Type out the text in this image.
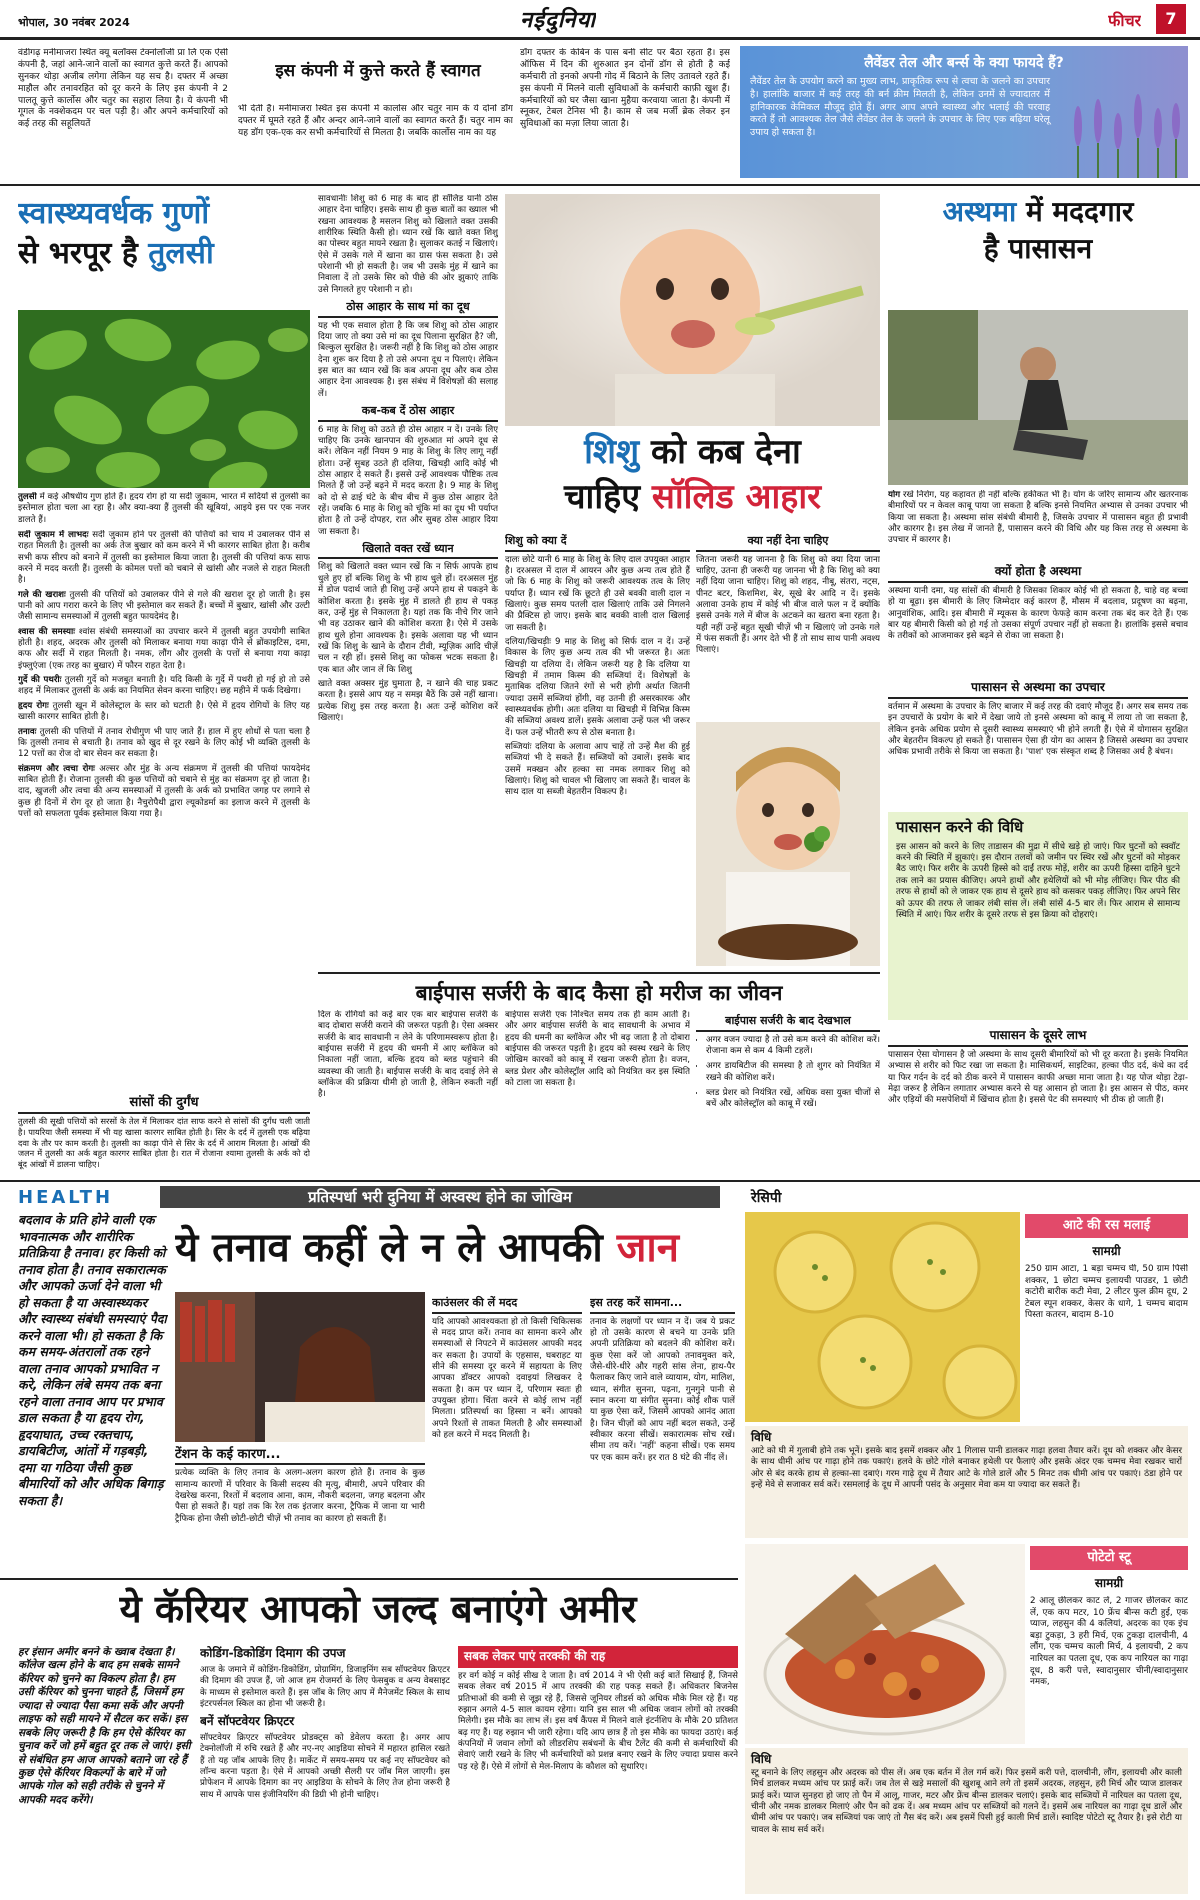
भोपाल, 30 नवंबर 2024	नईदुनिया	फीचर	7
वंडीगढ़ मनीमाजरा स्थित क्यू बलॉक्स टेक्नोलॉजी प्रा लि एक ऐसी कंपनी है, जहां आने-जाने वालों का स्वागत कुत्ते करते हैं। आपको सुनकर थोड़ा अजीब लगेगा लेकिन यह सच है। दफ्तर में अच्छा माहौल और तनावरहित को दूर करने के लिए इस कंपनी ने 2 पालतू कुत्ते कार्लोस और चतुर का सहारा लिया है। ये कंपनी भी गूगल के नक्शेकदम पर चल पड़ी है। और अपने कर्मचारियों को कई तरह की सहूलियतें
इस कंपनी में कुत्ते करते हैं स्वागत
भी देती है। मनीमाजरा स्थित इस कंपनी में कार्लोस और चतुर नाम के ये दोनों डॉग दफ्तर में घूमते रहते हैं और अन्दर आने-जाने वालों का स्वागत करते हैं। चतुर नाम का यह डॉग एक-एक कर सभी कर्मचारियों से मिलता है। जबकि कार्लोस नाम का यह
डॉग दफ्तर के केबिन के पास बनी सीट पर बैठा रहता है। इस ऑफिस में दिन की शुरुआत इन दोनों डॉग से होती है कई कर्मचारी तो इनको अपनी गोद में बिठाने के लिए उतावले रहते हैं। इस कंपनी में मिलने वाली सुविधाओं के कर्मचारी काफ़ी खुश हैं। कर्मचारियों को घर जैसा खाना मुहैया करवाया जाता है। कंपनी में स्नूकर, टेबल टेनिस भी है। काम से जब मर्जी ब्रेक लेकर इन सुविधाओं का मज़ा लिया जाता है।
लैवेंडर तेल और बर्न्स के क्या फायदे हैं?
लैवेंडर तेल के उपयोग करने का मुख्य लाभ, प्राकृतिक रूप से त्वचा के जलने का उपचार है। हालांकि बाजार में कई तरह की बर्न क्रीम मिलती है, लेकिन उनमें से ज्यादातर में हानिकारक केमिकल मौजूद होते हैं। अगर आप अपने स्वास्थ्य और भलाई की परवाह करते हैं तो आवश्यक तेल जैसे लैवेंडर तेल के जलने के उपचार के लिए एक बढ़िया घरेलू उपाय हो सकता है।
स्वास्थ्यवर्धक गुणों
से भरपूर है तुलसी
तुलसी में कई औषधीय गुण होते हैं। हृदय रोग हो या सर्दी जुकाम, भारत में सदियों से तुलसी का इस्तेमाल होता चला आ रहा है। और क्या-क्या हैं तुलसी की खूबियां, आइये इस पर एक नजर डालते हैं।

सर्दी जुकाम में लाभदः सर्दी जुकाम होने पर तुलसी की पत्तियों को चाय में उबालकर पीने से राहत मिलती है। तुलसी का अर्क तेज बुखार को कम करने में भी कारगर साबित होता है। करीब सभी कफ सीरप को बनाने में तुलसी का इस्तेमाल किया जाता है। तुलसी की पत्तियां कफ साफ करने में मदद करती हैं। तुलसी के कोमल पत्तों को चबाने से खांसी और नजले से राहत मिलती है।

गले की खराशः तुलसी की पत्तियों को उबालकर पीने से गले की खराश दूर हो जाती है। इस पानी को आप गरारा करने के लिए भी इस्तेमाल कर सकते हैं। बच्चों में बुखार, खांसी और उल्टी जैसी सामान्य समस्याओं में तुलसी बहुत फायदेमंद है।

श्वास की समस्याः श्वांस संबंधी समस्याओं का उपचार करने में तुलसी बहुत उपयोगी साबित होती है। शहद, अदरक और तुलसी को मिलाकर बनाया गया काढ़ा पीने से ब्रोंकाइटिस, दमा, कफ और सर्दी में राहत मिलती है। नमक, लौंग और तुलसी के पत्तों से बनाया गया काढ़ा इंफ्लुएंजा (एक तरह का बुखार) में फौरन राहत देता है।

गुर्दे की पथरीः तुलसी गुर्दे को मजबूत बनाती है। यदि किसी के गुर्दे में पथरी हो गई हो तो उसे शहद में मिलाकर तुलसी के अर्क का नियमित सेवन करना चाहिए। छह महीने में फर्क दिखेगा।

हृदय रोगः तुलसी खून में कोलेस्ट्राल के स्तर को घटाती है। ऐसे में हृदय रोगियों के लिए यह खासी कारगर साबित होती है।

तनावः तुलसी की पत्तियों में तनाव रोधीगुण भी पाए जाते हैं। हाल में हुए शोधों से पता चला है कि तुलसी तनाव से बचाती है। तनाव को खुद से दूर रखने के लिए कोई भी व्यक्ति तुलसी के 12 पत्तों का रोज दो बार सेवन कर सकता है।

संक्रमण और त्वचा रोगः अल्सर और मुंह के अन्य संक्रमण में तुलसी की पत्तियां फायदेमंद साबित होती हैं। रोजाना तुलसी की कुछ पत्तियों को चबाने से मुंह का संक्रमण दूर हो जाता है। दाद, खुजली और त्वचा की अन्य समस्याओं में तुलसी के अर्क को प्रभावित जगह पर लगाने से कुछ ही दिनों में रोग दूर हो जाता है। नैचुरोपैथी द्वारा ल्यूकोडर्मा का इलाज करने में तुलसी के पत्तों को सफलता पूर्वक इस्तेमाल किया गया है।

सांसों की दुर्गंध
तुलसी की सूखी पत्तियों को सरसों के तेल में मिलाकर दांत साफ करने से सांसों की दुर्गंध चली जाती है। पायरिया जैसी समस्या में भी यह खासा कारगर साबित होती है। सिर के दर्द में तुलसी एक बढ़िया दवा के तौर पर काम करती है। तुलसी का काढ़ा पीने से सिर के दर्द में आराम मिलता है। आंखों की जलन में तुलसी का अर्क बहुत कारगर साबित होता है। रात में रोजाना श्यामा तुलसी के अर्क को दो बूंद आंखों में डालना चाहिए।

सावधानीः शिशु को 6 माह के बाद ही सॉलिड यानी ठोस आहार देना चाहिए। इसके साथ ही कुछ बातों का ख्याल भी रखना आवश्यक है मसलन शिशु को खिलाते वक्त उसकी शारीरिक स्थिति कैसी हो। ध्यान रखें कि खाते वक्त शिशु का पोस्चर बहुत मायने रखता है। सुलाकर कतई न खिलाएं। ऐसे में उसके गले में खाना का ग्रास फंस सकता है। उसे परेशानी भी हो सकती है। जब भी उसके मुंह में खाने का निवाला दें तो उसके सिर को पीछे की ओर झुकाएं ताकि उसे निगलते हुए परेशानी न हो।

ठोस आहार के साथ मां का दूध

यह भी एक सवाल होता है कि जब शिशु को ठोस आहार दिया जाए तो क्या उसे मां का दूध पिलाना सुरक्षित है? जी, बिल्कुल सुरक्षित है। जरूरी नहीं है कि शिशु को ठोस आहार देना शुरू कर दिया है तो उसे अपना दूध न पिलाएं। लेकिन इस बात का ध्यान रखें कि कब अपना दूध और कब ठोस आहार देना आवश्यक है। इस संबंध में विशेषज्ञों की सलाह लें।

कब-कब दें ठोस आहार

6 माह के शिशु को उठते ही ठोस आहार न दें। उनके लिए चाहिए कि उनके खानपान की शुरुआत मां अपने दूध से करें। लेकिन नहीं नियम 9 माह के शिशु के लिए लागू नहीं होता। उन्हें सुबह उठते ही दलिया, खिचड़ी आदि कोई भी ठोस आहार दे सकते हैं। इससे उन्हें आवश्यक पौष्टिक तत्व मिलते हैं जो उन्हें बढ़ने में मदद करता है। 9 माह के शिशु को दो से ढाई घंटे के बीच बीच में कुछ ठोस आहार देते रहें। जबकि 6 माह के शिशु को चूंकि मां का दूध भी पर्याप्त होता है तो उन्हें दोपहर, रात और सुबह ठोस आहार दिया जा सकता है।

खिलाते वक्त रखें ध्यान

शिशु को खिलाते वक्त ध्यान रखें कि न सिर्फ आपके हाथ धुले हुए हों बल्कि शिशु के भी हाथ धुले हों। दरअसल मुंह में डोज पदार्थ जाते ही शिशु उन्हें अपने हाथ से पकड़ने के कोशिश करता है। इसके मुंह में डालते ही हाथ से पकड़ कर, उन्हें मुंह से निकालता है। यहां तक कि नीचे गिर जाने भी वह उठाकर खाने की कोशिश करता है। ऐसे में उसके हाथ धुले होना आवश्यक है। इसके अलावा यह भी ध्यान रखें कि शिशु के खाने के दौरान टीवी, म्यूज़िक आदि चीज़ें चल न रही हों। इससे शिशु का फोकस भटक सकता है। एक बात और जान लें कि शिशु

खाते वक्त अक्सर मुंह घुमाता है, न खाने की चाह प्रकट करता है। इससे आप यह न समझ बैठें कि उसे नहीं खाना। प्रत्येक शिशु इस तरह करता है। अतः उन्हें कोशिश करें खिलाएं।

शिशु को कब देना
चाहिए सॉलिड आहार
शिशु को क्या दें

दालः छोटे यानी 6 माह के शिशु के लिए दाल उपयुक्त आहार है। दरअसल में दाल में आयरन और कुछ अन्य तत्व होते हैं जो कि 6 माह के शिशु को जरूरी आवश्यक तत्व के लिए पर्याप्त हैं। ध्यान रखें कि छूटते ही उसे बवकी वाली दाल न खिलाएं। कुछ समय पतली दाल खिलाएं ताकि उसे निगलने की प्रैक्टिस हो जाए। इसके बाद बवकी वाली दाल खिलाई जा सकती है।

दलिया/खिचड़ीः 9 माह के शिशु को सिर्फ दाल न दें। उन्हें विकास के लिए कुछ अन्य तत्व की भी जरूरत है। अतः खिचड़ी या दलिया दें। लेकिन जरूरी यह है कि दलिया या खिचड़ी में तमाम किस्म की सब्जियां दें। विशेषज्ञों के मुताबिक दलिया जितने रंगों से भरी होगी अर्थात जितनी ज्यादा उसमें सब्जियां होंगी, वह उतनी ही असरकारक और स्वास्थ्यवर्धक होगी। अतः दलिया या खिचड़ी में विभिन्न किस्म की सब्जियां अवश्य डालें। इसके अलावा उन्हें फल भी जरूर दें। फल उन्हें भीतरी रूप से ठोस बनाता है।

सब्जियांः दलिया के अलावा आप चाहें तो उन्हें मैश की हुई सब्जियां भी दे सकते हैं। सब्जियों को उबालें। इसके बाद उसमें मक्खन और हल्का सा नमक लगाकर शिशु को खिलाएं। शिशु को चावल भी खिलाए जा सकते हैं। चावल के साथ दाल या सब्जी बेहतरीन विकल्प है।

क्या नहीं देना चाहिए

जितना जरूरी यह जानना है कि शिशु को क्या दिया जाना चाहिए, उतना ही जरूरी यह जानना भी है कि शिशु को क्या नहीं दिया जाना चाहिए। शिशु को शहद, नीबू, संतरा, नट्स, पीनट बटर, किशमिश, बेर, सूखे बेर आदि न दें। इसके अलावा उनके हाथ में कोई भी बीज वाले फल न दें क्योंकि इससे उनके गले में बीज के अटकने का खतरा बना रहता है। यही नहीं उन्हें बहुत सूखी चीज़ें भी न खिलाएं जो उनके गले में फंस सकती हैं। अगर देते भी हैं तो साथ साथ पानी अवश्य पिलाएं।

अस्थमा में मददगार
है पासासन
योग रखे निरोग, यह कहावत ही नहीं बल्कि हकीकत भी है। योग के जरिए सामान्य और खतरनाक बीमारियों पर न केवल काबू पाया जा सकता है बल्कि इनसे नियमित अभ्यास से उनका उपचार भी किया जा सकता है। अस्थमा सांस संबंधी बीमारी है, जिसके उपचार में पासासन बहुत ही प्रभावी और कारगर है। इस लेख में जानते हैं, पासासन करने की विधि और यह किस तरह से अस्थमा के उपचार में कारगर है।
क्यों होता है अस्थमा

अस्थमा यानी दमा, यह सांसों की बीमारी है जिसका शिकार कोई भी हो सकता है, चाहे वह बच्चा हो या बूढ़ा। इस बीमारी के लिए जिम्मेदार कई कारण हैं, मौसम में बदलाव, प्रदूषण का बढ़ना, आनुवांशिक, आदि। इस बीमारी में म्यूकस के कारण फेफड़े काम करना तक बंद कर देते हैं। एक बार यह बीमारी किसी को हो गई तो उसका संपूर्ण उपचार नहीं हो सकता है। हालांकि इससे बचाव के तरीकों को आजमाकर इसे बढ़ने से रोका जा सकता है।

पासासन से अस्थमा का उपचार

वर्तमान में अस्थमा के उपचार के लिए बाजार में कई तरह की दवाएं मौजूद हैं। अगर सब समय तक इन उपचारों के प्रयोग के बारे में देखा जाये तो इनसे अस्थमा को काबू में लाया तो जा सकता है, लेकिन इनके अधिक प्रयोग से दूसरी स्वास्थ्य समस्याएं भी होने लगती हैं। ऐसे में योगासन सुरक्षित और बेहतरीन विकल्प हो सकते हैं। पासासन ऐसा ही योग का आसन है जिससे अस्थमा का उपचार अधिक प्रभावी तरीके से किया जा सकता है। 'पाश' एक संस्कृत शब्द है जिसका अर्थ है बंधन।

पासासन करने की विधि

इस आसन को करने के लिए ताडासन की मुद्रा में सीधे खड़े हो जाएं। फिर घुटनों को स्क्वॉट करने की स्थिति में झुकाएं। इस दौरान तलवों को जमीन पर स्थिर रखें और घुटनों को मोड़कर बैठ जाएं। फिर शरीर के ऊपरी हिस्से को दाईं तरफ मोड़ें, शरीर का ऊपरी हिस्सा दाहिने घुटने तक लाने का प्रयास कीजिए। अपने हाथों और हथेलियों को भी मोड़ लीजिए। फिर पीठ की तरफ से हाथों को ले जाकर एक हाथ से दूसरे हाथ को कसकर पकड़ लीजिए। फिर अपने सिर को ऊपर की तरफ ले जाकर लंबी सांस लें। लंबी सांसें 4-5 बार लें। फिर आराम से सामान्य स्थिति में आएं। फिर शरीर के दूसरे तरफ से इस क्रिया को दोहराएं।

पासासन के दूसरे लाभ

पासासन ऐसा योगासन है जो अस्थमा के साथ दूसरी बीमारियों को भी दूर करता है। इसके नियमित अभ्यास से शरीर को फिट रखा जा सकता है। मासिकधर्म, साइटिका, हल्का पीठ दर्द, कंधे का दर्द या फिर गर्दन के दर्द को ठीक करने में पासासन काफी अच्छा माना जाता है। यह पोज थोड़ा टेढ़ा-मेढ़ा जरूर है लेकिन लगातार अभ्यास करने से यह आसान हो जाता है। इस आसन से पीठ, कमर और एड़ियों की मसपेशियों में खिंचाव होता है। इससे पेट की समस्याएं भी ठीक हो जाती हैं।

बाईपास सर्जरी के बाद कैसा हो मरीज का जीवन
दिल के रोगियों को कई बार एक बार बाईपास सर्जरी के बाद दोबारा सर्जरी कराने की जरूरत पड़ती है। ऐसा अक्सर सर्जरी के बाद सावधानी न लेने के परिणामस्वरूप होता है। बाईपास सर्जरी में हृदय की धमनी में आए ब्लॉकेज को निकाला नहीं जाता, बल्कि हृदय को ब्लड पहुंचाने की व्यवस्था की जाती है। बाईपास सर्जरी के बाद दवाई लेने से ब्लॉकेज की प्रक्रिया धीमी हो जाती है, लेकिन रुकती नहीं है।
बाईपास सर्जरी एक निश्चित समय तक ही काम आती है। और अगर बाईपास सर्जरी के बाद सावधानी के अभाव में हृदय की धमनी का ब्लॉकेज और भी बढ़ जाता है तो दोबारा बाईपास की जरूरत पड़ती है। हृदय को स्वस्थ रखने के लिए जोखिम कारकों को काबू में रखना जरूरी होता है। वजन, ब्लड प्रेशर और कोलेस्ट्रॉल आदि को नियंत्रित कर इस स्थिति को टाला जा सकता है।
बाईपास सर्जरी के बाद देखभाल
• अगर वजन ज्यादा है तो उसे कम करने की कोशिश करें। रोजाना कम से कम 4 किमी टहलें।
• अगर डायबिटीज की समस्या है तो शुगर को नियंत्रित में रखने की कोशिश करें।
• ब्लड प्रेशर को नियंत्रित रखें, अधिक वसा युक्त चीजों से बचें और कोलेस्ट्रॉल को काबू में रखें।
HEALTH	प्रतिस्पर्धा भरी दुनिया में अस्वस्थ होने का जोखिम
बदलाव के प्रति होने वाली एक भावनात्मक और शारीरिक प्रतिक्रिया है तनाव। हर किसी को तनाव होता है। तनाव सकारात्मक और आपको ऊर्जा देने वाला भी हो सकता है या अस्वास्थ्यकर और स्वास्थ्य संबंधी समस्याएं पैदा करने वाला भी। हो सकता है कि कम समय-अंतरालों तक रहने वाला तनाव आपको प्रभावित न करे, लेकिन लंबे समय तक बना रहने वाला तनाव आप पर प्रभाव डाल सकता है या हृदय रोग, हृदयाघात, उच्च रक्तचाप, डायबिटीज, आंतों में गड़बड़ी, दमा या गठिया जैसी कुछ बीमारियों को और अधिक बिगाड़ सकता है।
ये तनाव कहीं ले न ले आपकी जान
टेंशन के कई कारण...

प्रत्येक व्यक्ति के लिए तनाव के अलग-अलग कारण होते हैं। तनाव के कुछ सामान्य कारणों में परिवार के किसी सदस्य की मृत्यु, बीमारी, अपने परिवार की देखरेख करना, रिश्तों में बदलाव आना, काम, नौकरी बदलना, जगह बदलना और पैसा हो सकते हैं। यहां तक कि रेल तक इंतजार करना, ट्रैफिक में जाना या भारी ट्रैफिक होना जैसी छोटी-छोटी चीज़ें भी तनाव का कारण हो सकती हैं।

काउंसलर की लें मदद

यदि आपको आवश्यकता हो तो किसी चिकित्सक से मदद प्राप्त करें। तनाव का सामना करने और समस्याओं से निपटने में काउंसलर आपकी मदद कर सकता है। उपायों के एहसास, घबराहट या सीने की समस्या दूर करने में सहायता के लिए आपका डॉक्टर आपको दवाइयां लिखकर दे सकता है। कम पर ध्यान दें, परिणाम स्वतः ही उपयुक्त होगा। चिंता करने से कोई लाभ नहीं मिलता। प्रतिस्पर्धा का हिस्सा न बनें। आपको अपने रिश्तों से ताकत मिलती है और समस्याओं को हल करने में मदद मिलती है।

इस तरह करें सामना...

तनाव के लक्षणों पर ध्यान न दें। जब ये प्रकट हो तो उसके कारण से बचने या उनके प्रति अपनी प्रतिक्रिया को बदलने की कोशिश करें। कुछ ऐसा करें जो आपको तनावमुक्त करे, जैसे-धीरे-धीरे और गहरी सांस लेना, हाथ-पैर फैलाकर किए जाने वाले व्यायाम, योग, मालिश, ध्यान, संगीत सुनना, पढ़ना, गुनगुने पानी से स्नान करना या संगीत सुनना। कोई शौक पालें या कुछ ऐसा करें, जिसमें आपको आनंद आता है। जिन चीज़ों को आप नहीं बदल सकते, उन्हें स्वीकार करना सीखें। सकारात्मक सोच रखें। सीमा तय करें। 'नहीं' कहना सीखें। एक समय पर एक काम करें। हर रात 8 घंटे की नींद लें।

रेसिपी
आटे की रस मलाई
सामग्री
250 ग्राम आटा, 1 बड़ा चम्मच घी, 50 ग्राम पिसी शक्कर, 1 छोटा चम्मच इलायची पाउडर, 1 छोटी कटोरी बारीक कटी मेवा, 2 लीटर फुल क्रीम दूध, 2 टेबल स्पून शक्कर, केसर के धागे, 1 चम्मच बादाम पिस्ता कतरन, बादाम 8-10
विधि

आटे को घी में गुलाबी होने तक भूनें। इसके बाद इसमें शक्कर और 1 गिलास पानी डालकर गाढ़ा हलवा तैयार करें। दूध को शक्कर और केसर के साथ धीमी आंच पर गाढ़ा होने तक पकाएं। हलवे के छोटे गोले बनाकर हथेली पर फैलाएं और इसके अंदर एक चम्मच मेवा रखकर चारों ओर से बंद करके हाथ से हल्का-सा दबाएं। गरम गाढ़े दूध में तैयार आटे के गोले डालें और 5 मिनट तक धीमी आंच पर पकाएं। ठंडा होने पर इन्हें मेवे से सजाकर सर्व करें। रसमलाई के दूध में आपनी पसंद के अनुसार मेवा कम या ज्यादा कर सकते हैं।

पोटेटो स्टू
सामग्री
2 आलू छीलकर काट लें, 2 गाजर छीलकर काट लें, एक कप मटर, 10 फ्रेंच बीन्स कटी हुई, एक प्याज, लहसुन की 4 कलियां, अदरक का एक इंच बड़ा टुकड़ा, 3 हरी मिर्च, एक टुकड़ा दालचीनी, 4 लौंग, एक चम्मच काली मिर्च, 4 इलायची, 2 कप नारियल का पतला दूध, एक कप नारियल का गाढ़ा दूध, 8 करी पत्ते, स्वादानुसार चीनी/स्वादानुसार नमक,
विधि

स्टू बनाने के लिए लहसुन और अदरक को पीस लें। अब एक बर्तन में तेल गर्म करें। फिर इसमें करी पत्ते, दालचीनी, लौंग, इलायची और काली मिर्च डालकर मध्यम आंच पर फ्राई करें। जब तेल से खड़े मसालों की खुशबू आने लगे तो इसमें अदरक, लहसुन, हरी मिर्च और प्याज डालकर फ्राई करें। प्याज सुनहरा हो जाए तो पैन में आलू, गाजर, मटर और फ्रेंच बीन्स डालकर चलाएं। इसके बाद सब्जियों में नारियल का पतला दूध, चीनी और नमक डालकर मिलाएं और पैन को ढक दें। अब मध्यम आंच पर सब्जियों को गलने दें। इसमें अब नारियल का गाढ़ा दूध डालें और धीमी आंच पर पकाएं। जब सब्जियां पक जाएं तो गैस बंद करें। अब इसमें पिसी हुई काली मिर्च डालें। स्वादिष्ट पोटेटो स्टू तैयार है। इसे रोटी या चावल के साथ सर्व करें।

ये कॅरियर आपको जल्द बनाएंगे अमीर
हर इंसान अमीर बनने के ख्वाब देखता है। कॉलेज खत्म होने के बाद हम सबके सामने कॅरियर को चुनने का विकल्प होता है। हम उसी कॅरियर को चुनना चाहते हैं, जिसमें हम ज्यादा से ज्यादा पैसा कमा सकें और अपनी लाइफ को सही मायने में सैटल कर सकें। इस सबके लिए जरूरी है कि हम ऐसे कॅरियर का चुनाव करें जो हमें बहुत दूर तक ले जाएं। इसी से संबंधित हम आज आपको बताने जा रहे हैं कुछ ऐसे कॅरियर विकल्पों के बारे में जो आपके गोल को सही तरीके से चुनने में आपकी मदद करेंगे।
कोडिंग-डिकोडिंग दिमाग की उपज

आज के जमाने में कोडिंग-डिकोडिंग, प्रोग्रामिंग, डिजाइनिंग सब सॉफ्टवेयर क्रिएटर की दिमाग की उपज हैं, जो आज हम रोजमर्रा के लिए फेसबुक व अन्य वेबसाइट के माध्यम से इस्तेमाल करते हैं। इस जॉब के लिए आप में मैनेजमेंट स्किल के साथ इंटरपर्सनल स्किल का होना भी जरूरी है।

बनें सॉफ्टवेयर क्रिएटर

सॉफ्टवेयर क्रिएटर सॉफ्टवेयर प्रोडक्ट्स को डेवेलप करता है। अगर आप टेक्नोलॉजी में रुचि रखते हैं और नए-नए आइडिया सोचने में महारत हासिल रखते हैं तो यह जॉब आपके लिए है। मार्केट में समय-समय पर कई नए सॉफ्टवेयर को लॉन्च करना पड़ता है। ऐसे में आपको अच्छी सैलरी पर जॉब मिल जाएगी। इस प्रोफेशन में आपके दिमाग का नए आइडिया के सोचने के लिए तेज होना जरूरी है साथ में आपके पास इंजीनियरिंग की डिग्री भी होनी चाहिए।

सबक लेकर पाएं तरक्की की राह
हर वर्ग कोई न कोई सीख दे जाता है। वर्ष 2014 ने भी ऐसी कई बातें सिखाई हैं, जिनसे सबक लेकर वर्ष 2015 में आप तरक्की की राह पकड़ सकते हैं। अधिकतर बिजनेस प्रतिभाओं की कमी से जूझ रहे हैं, जिससे जूनियर लीडर्स को अधिक मौके मिल रहे हैं। यह रुझान अगले 4-5 साल कायम रहेगा। यानि इस साल भी अधिक जवान लोगों को तरक्की मिलेगी। इस मौके का लाभ लें। इस वर्ष कैंपस में मिलने वाले इंटर्नशिप के मौके 20 प्रतिशत बढ़ गए हैं। यह रुझान भी जारी रहेगा। यदि आप छात्र हैं तो इस मौके का फायदा उठाएं। कई कंपनियों में जवान लोगों को लीडरशिप सबंधनों के बीच टैलेंट की कमी से कर्मचारियों की सेवाएं जारी रखने के लिए भी कर्मचारियों को प्रशन्न बनाए रखने के लिए ज्यादा प्रयास करने पड़ रहे हैं। ऐसे में लोगों से मेल-मिलाप के कौशल को सुधारिए।
